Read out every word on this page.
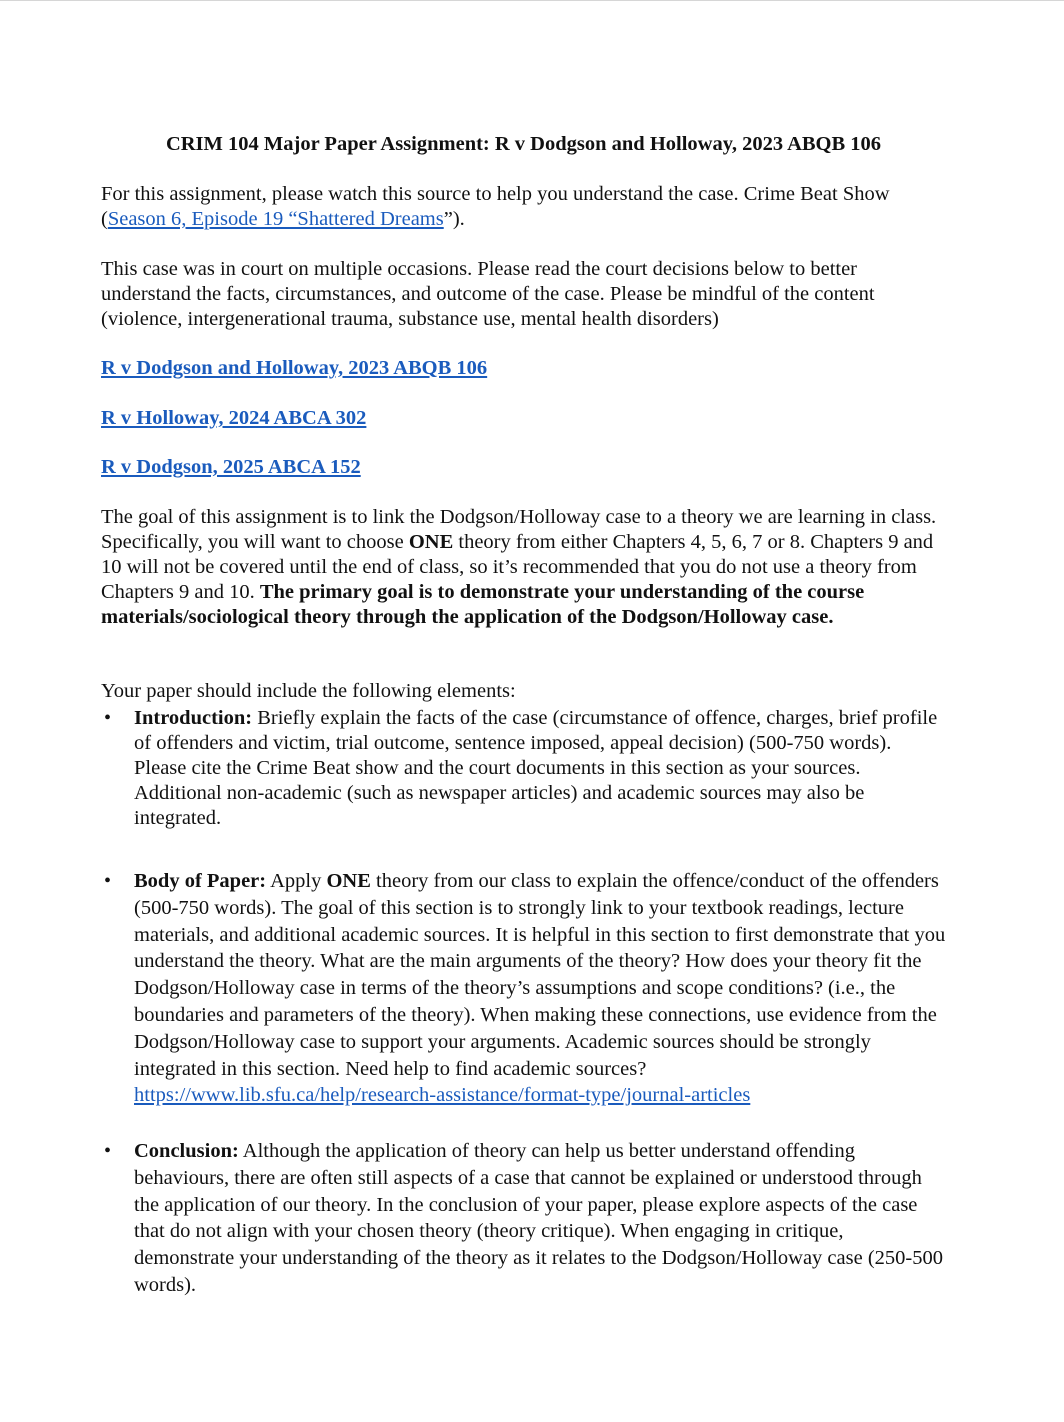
CRIM 104 Major Paper Assignment: R v Dodgson and Holloway, 2023 ABQB 106

For this assignment, please watch this source to help you understand the case. Crime Beat Show (Season 6, Episode 19 “Shattered Dreams”).

This case was in court on multiple occasions. Please read the court decisions below to better understand the facts, circumstances, and outcome of the case. Please be mindful of the content (violence, intergenerational trauma, substance use, mental health disorders)

R v Dodgson and Holloway, 2023 ABQB 106

R v Holloway, 2024 ABCA 302

R v Dodgson, 2025 ABCA 152

The goal of this assignment is to link the Dodgson/Holloway case to a theory we are learning in class. Specifically, you will want to choose ONE theory from either Chapters 4, 5, 6, 7 or 8. Chapters 9 and 10 will not be covered until the end of class, so it’s recommended that you do not use a theory from Chapters 9 and 10. The primary goal is to demonstrate your understanding of the course materials/sociological theory through the application of the Dodgson/Holloway case.

Your paper should include the following elements:

• Introduction: Briefly explain the facts of the case (circumstance of offence, charges, brief profile of offenders and victim, trial outcome, sentence imposed, appeal decision) (500-750 words). Please cite the Crime Beat show and the court documents in this section as your sources. Additional non-academic (such as newspaper articles) and academic sources may also be integrated.
• Body of Paper: Apply ONE theory from our class to explain the offence/conduct of the offenders (500-750 words). The goal of this section is to strongly link to your textbook readings, lecture materials, and additional academic sources. It is helpful in this section to first demonstrate that you understand the theory. What are the main arguments of the theory? How does your theory fit the Dodgson/Holloway case in terms of the theory’s assumptions and scope conditions? (i.e., the boundaries and parameters of the theory). When making these connections, use evidence from the Dodgson/Holloway case to support your arguments. Academic sources should be strongly integrated in this section. Need help to find academic sources? https://www.lib.sfu.ca/help/research-assistance/format-type/journal-articles
• Conclusion: Although the application of theory can help us better understand offending behaviours, there are often still aspects of a case that cannot be explained or understood through the application of our theory. In the conclusion of your paper, please explore aspects of the case that do not align with your chosen theory (theory critique). When engaging in critique, demonstrate your understanding of the theory as it relates to the Dodgson/Holloway case (250-500 words).
